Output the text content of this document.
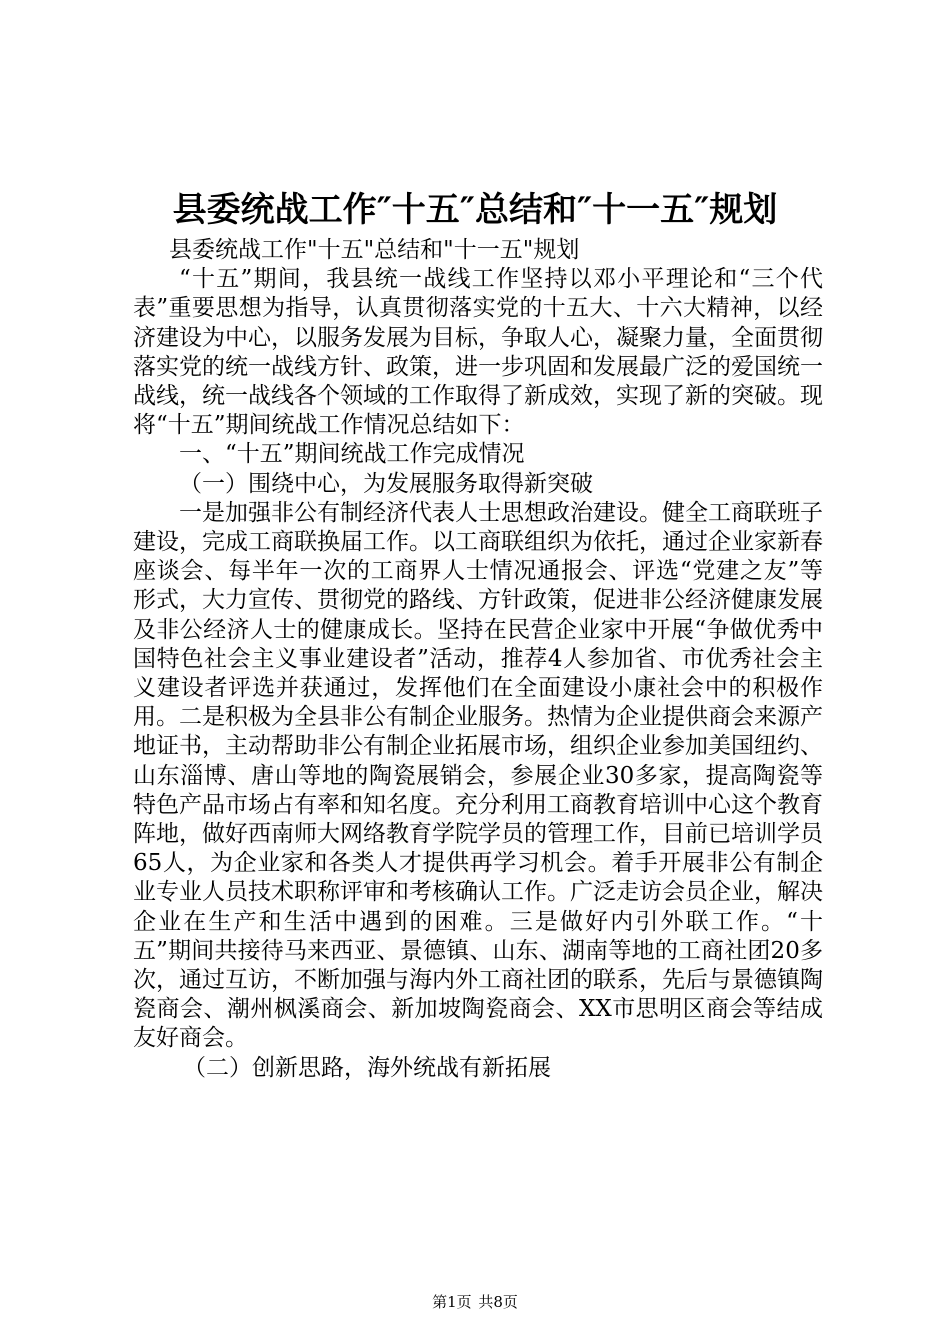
县委统战工作″十五″总结和″十一五″规划

县委统战工作"十五"总结和"十一五"规划

“十五”期间，我县统一战线工作坚持以邓小平理论和“三个代表”重要思想为指导，认真贯彻落实党的十五大、十六大精神，以经济建设为中心，以服务发展为目标，争取人心，凝聚力量，全面贯彻落实党的统一战线方针、政策，进一步巩固和发展最广泛的爱国统一战线，统一战线各个领域的工作取得了新成效，实现了新的突破。现将“十五”期间统战工作情况总结如下：

一、“十五”期间统战工作完成情况

（一）围绕中心，为发展服务取得新突破

一是加强非公有制经济代表人士思想政治建设。健全工商联班子建设，完成工商联换届工作。以工商联组织为依托，通过企业家新春座谈会、每半年一次的工商界人士情况通报会、评选“党建之友”等形式，大力宣传、贯彻党的路线、方针政策，促进非公经济健康发展及非公经济人士的健康成长。坚持在民营企业家中开展“争做优秀中国特色社会主义事业建设者”活动，推荐4人参加省、市优秀社会主义建设者评选并获通过，发挥他们在全面建设小康社会中的积极作用。二是积极为全县非公有制企业服务。热情为企业提供商会来源产地证书，主动帮助非公有制企业拓展市场，组织企业参加美国纽约、山东淄博、唐山等地的陶瓷展销会，参展企业30多家，提高陶瓷等特色产品市场占有率和知名度。充分利用工商教育培训中心这个教育阵地，做好西南师大网络教育学院学员的管理工作，目前已培训学员65人，为企业家和各类人才提供再学习机会。着手开展非公有制企业专业人员技术职称评审和考核确认工作。广泛走访会员企业，解决企业在生产和生活中遇到的困难。三是做好内引外联工作。“十五”期间共接待马来西亚、景德镇、山东、湖南等地的工商社团20多次，通过互访，不断加强与海内外工商社团的联系，先后与景德镇陶瓷商会、潮州枫溪商会、新加坡陶瓷商会、XX市思明区商会等结成友好商会。

（二）创新思路，海外统战有新拓展

第1页 共8页
